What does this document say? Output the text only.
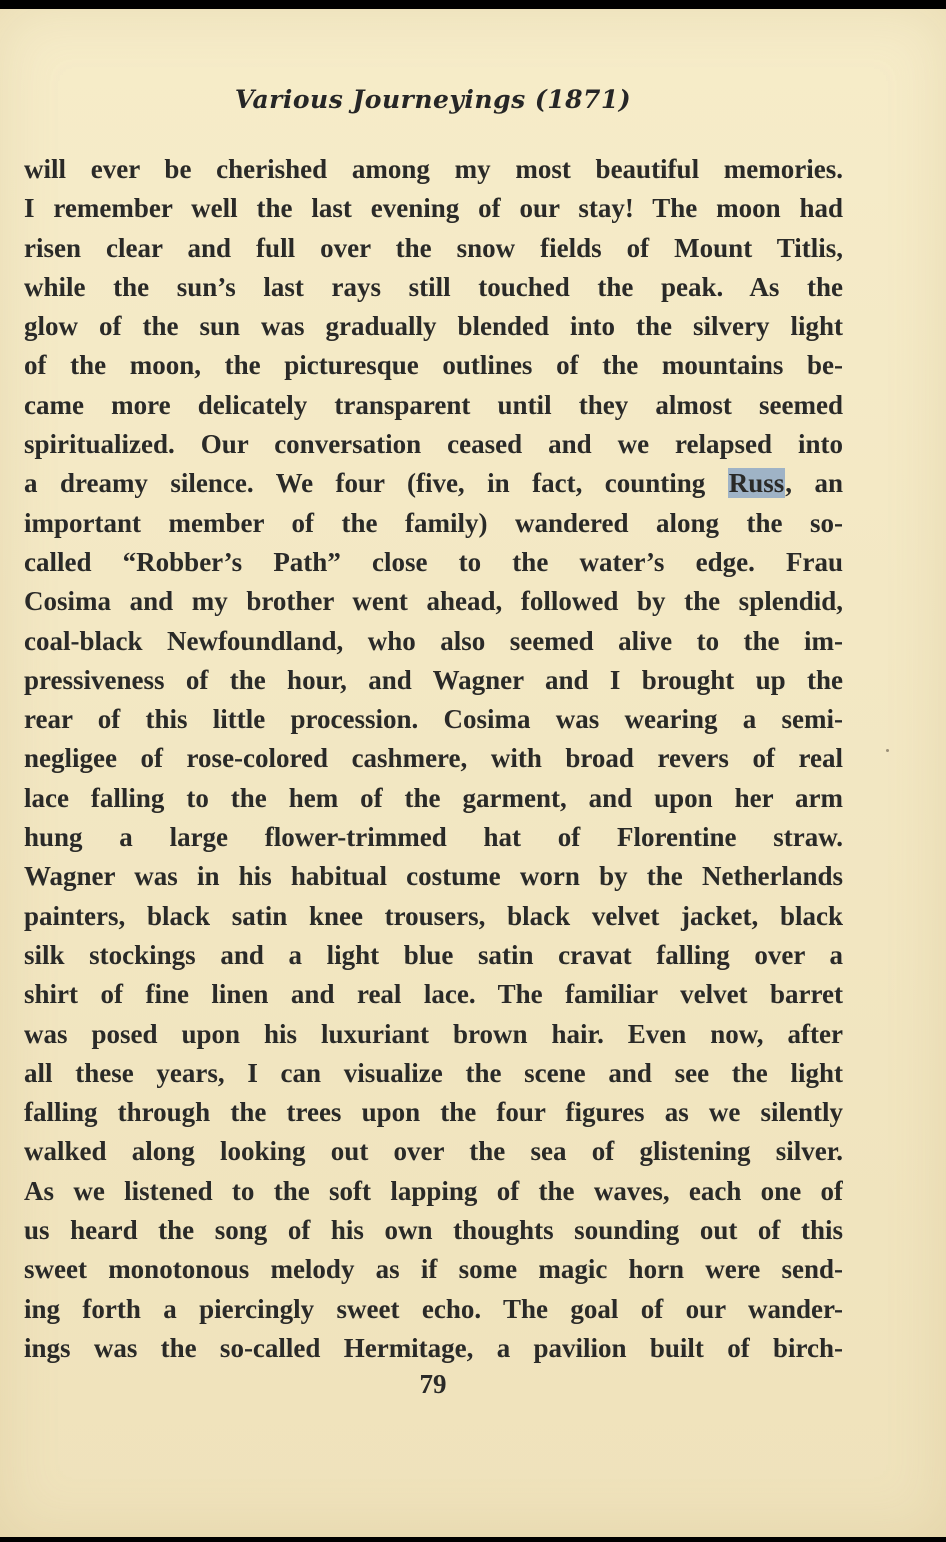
Various Journeyings (1871)
will ever be cherished among my most beautiful memories.
I remember well the last evening of our stay! The moon had
risen clear and full over the snow fields of Mount Titlis,
while the sun’s last rays still touched the peak. As the
glow of the sun was gradually blended into the silvery light
of the moon, the picturesque outlines of the mountains be-
came more delicately transparent until they almost seemed
spiritualized. Our conversation ceased and we relapsed into
a dreamy silence. We four (five, in fact, counting Russ, an
important member of the family) wandered along the so-
called “Robber’s Path” close to the water’s edge. Frau
Cosima and my brother went ahead, followed by the splendid,
coal-black Newfoundland, who also seemed alive to the im-
pressiveness of the hour, and Wagner and I brought up the
rear of this little procession. Cosima was wearing a semi-
negligee of rose-colored cashmere, with broad revers of real
lace falling to the hem of the garment, and upon her arm
hung a large flower-trimmed hat of Florentine straw.
Wagner was in his habitual costume worn by the Netherlands
painters, black satin knee trousers, black velvet jacket, black
silk stockings and a light blue satin cravat falling over a
shirt of fine linen and real lace. The familiar velvet barret
was posed upon his luxuriant brown hair. Even now, after
all these years, I can visualize the scene and see the light
falling through the trees upon the four figures as we silently
walked along looking out over the sea of glistening silver.
As we listened to the soft lapping of the waves, each one of
us heard the song of his own thoughts sounding out of this
sweet monotonous melody as if some magic horn were send-
ing forth a piercingly sweet echo. The goal of our wander-
ings was the so-called Hermitage, a pavilion built of birch-
79
